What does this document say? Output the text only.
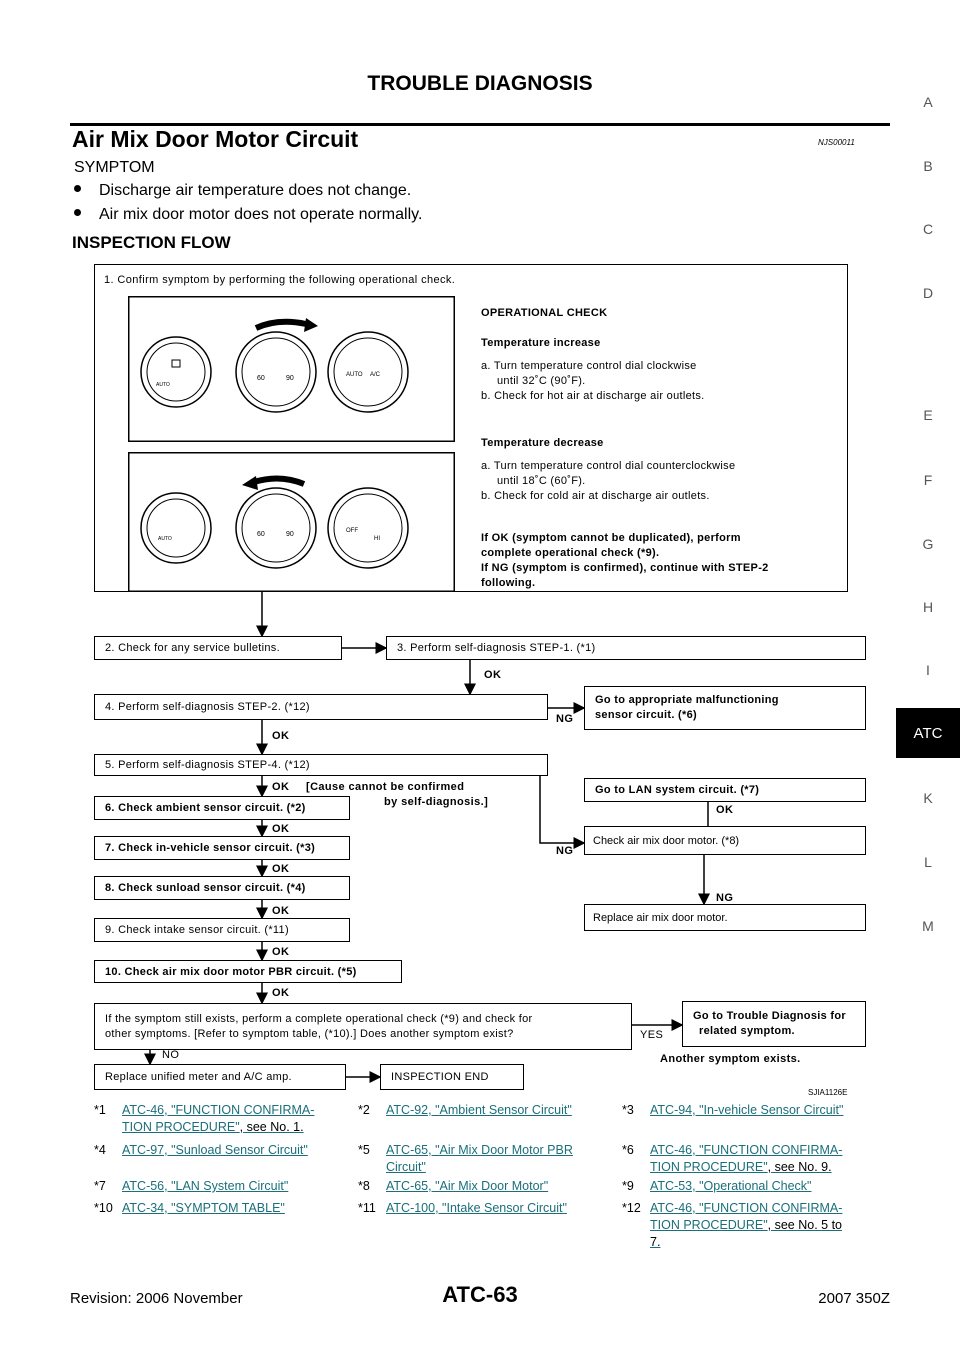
TROUBLE DIAGNOSIS
Air Mix Door Motor Circuit	NJS00011
SYMPTOM
Discharge air temperature does not change.
Air mix door motor does not operate normally.
INSPECTION FLOW
A
B
C
D
E
F
G
H
I
ATC
K
L
M
1. Confirm symptom by performing the following operational check.
AUTO
60	90	AUTO A/C
AUTO
60	90	OFF
HI
OPERATIONAL CHECK
Temperature increase
a. Turn temperature control dial clockwise
until 32˚C (90˚F).
b. Check for hot air at discharge air outlets.
Temperature decrease
a. Turn temperature control dial counterclockwise
until 18˚C (60˚F).
b. Check for cold air at discharge air outlets.
If OK (symptom cannot be duplicated), perform
complete operational check (*9).
If NG (symptom is confirmed), continue with STEP-2
following.
2. Check for any service bulletins.	3. Perform self-diagnosis STEP-1. (*1)
OK
4. Perform self-diagnosis STEP-2. (*12)
Go to appropriate malfunctioning
sensor circuit. (*6)
NG
OK
5. Perform self-diagnosis STEP-4. (*12)
OK [Cause cannot be confirmed
by self-diagnosis.]
Go to LAN system circuit. (*7)
OK
6. Check ambient sensor circuit. (*2)
OK
Check air mix door motor. (*8)
NG
7. Check in-vehicle sensor circuit. (*3)
OK
8. Check sunload sensor circuit. (*4)
NG
Replace air mix door motor.
OK
9. Check intake sensor circuit. (*11)
OK
10. Check air mix door motor PBR circuit. (*5)
OK
If the symptom still exists, perform a complete operational check (*9) and check for
other symptoms. [Refer to symptom table, (*10).] Does another symptom exist?	YES
Go to Trouble Diagnosis for
related symptom.
Another symptom exists.
NO
Replace unified meter and A/C amp.	INSPECTION END
SJIA1126E
*1 ATC-46, "FUNCTION CONFIRMA-
TION PROCEDURE", see No. 1.
*2 ATC-92, "Ambient Sensor Circuit"	*3 ATC-94, "In-vehicle Sensor Circuit"
*4 ATC-97, "Sunload Sensor Circuit"	*5 ATC-65, "Air Mix Door Motor PBR
Circuit"
*6 ATC-46, "FUNCTION CONFIRMA-
TION PROCEDURE", see No. 9.
*7 ATC-56, "LAN System Circuit"	*8 ATC-65, "Air Mix Door Motor"	*9 ATC-53, "Operational Check"
*10 ATC-34, "SYMPTOM TABLE"	*11 ATC-100, "Intake Sensor Circuit"	*12 ATC-46, "FUNCTION CONFIRMA-
TION PROCEDURE", see No. 5 to
7.
Revision: 2006 November	ATC-63	2007 350Z
